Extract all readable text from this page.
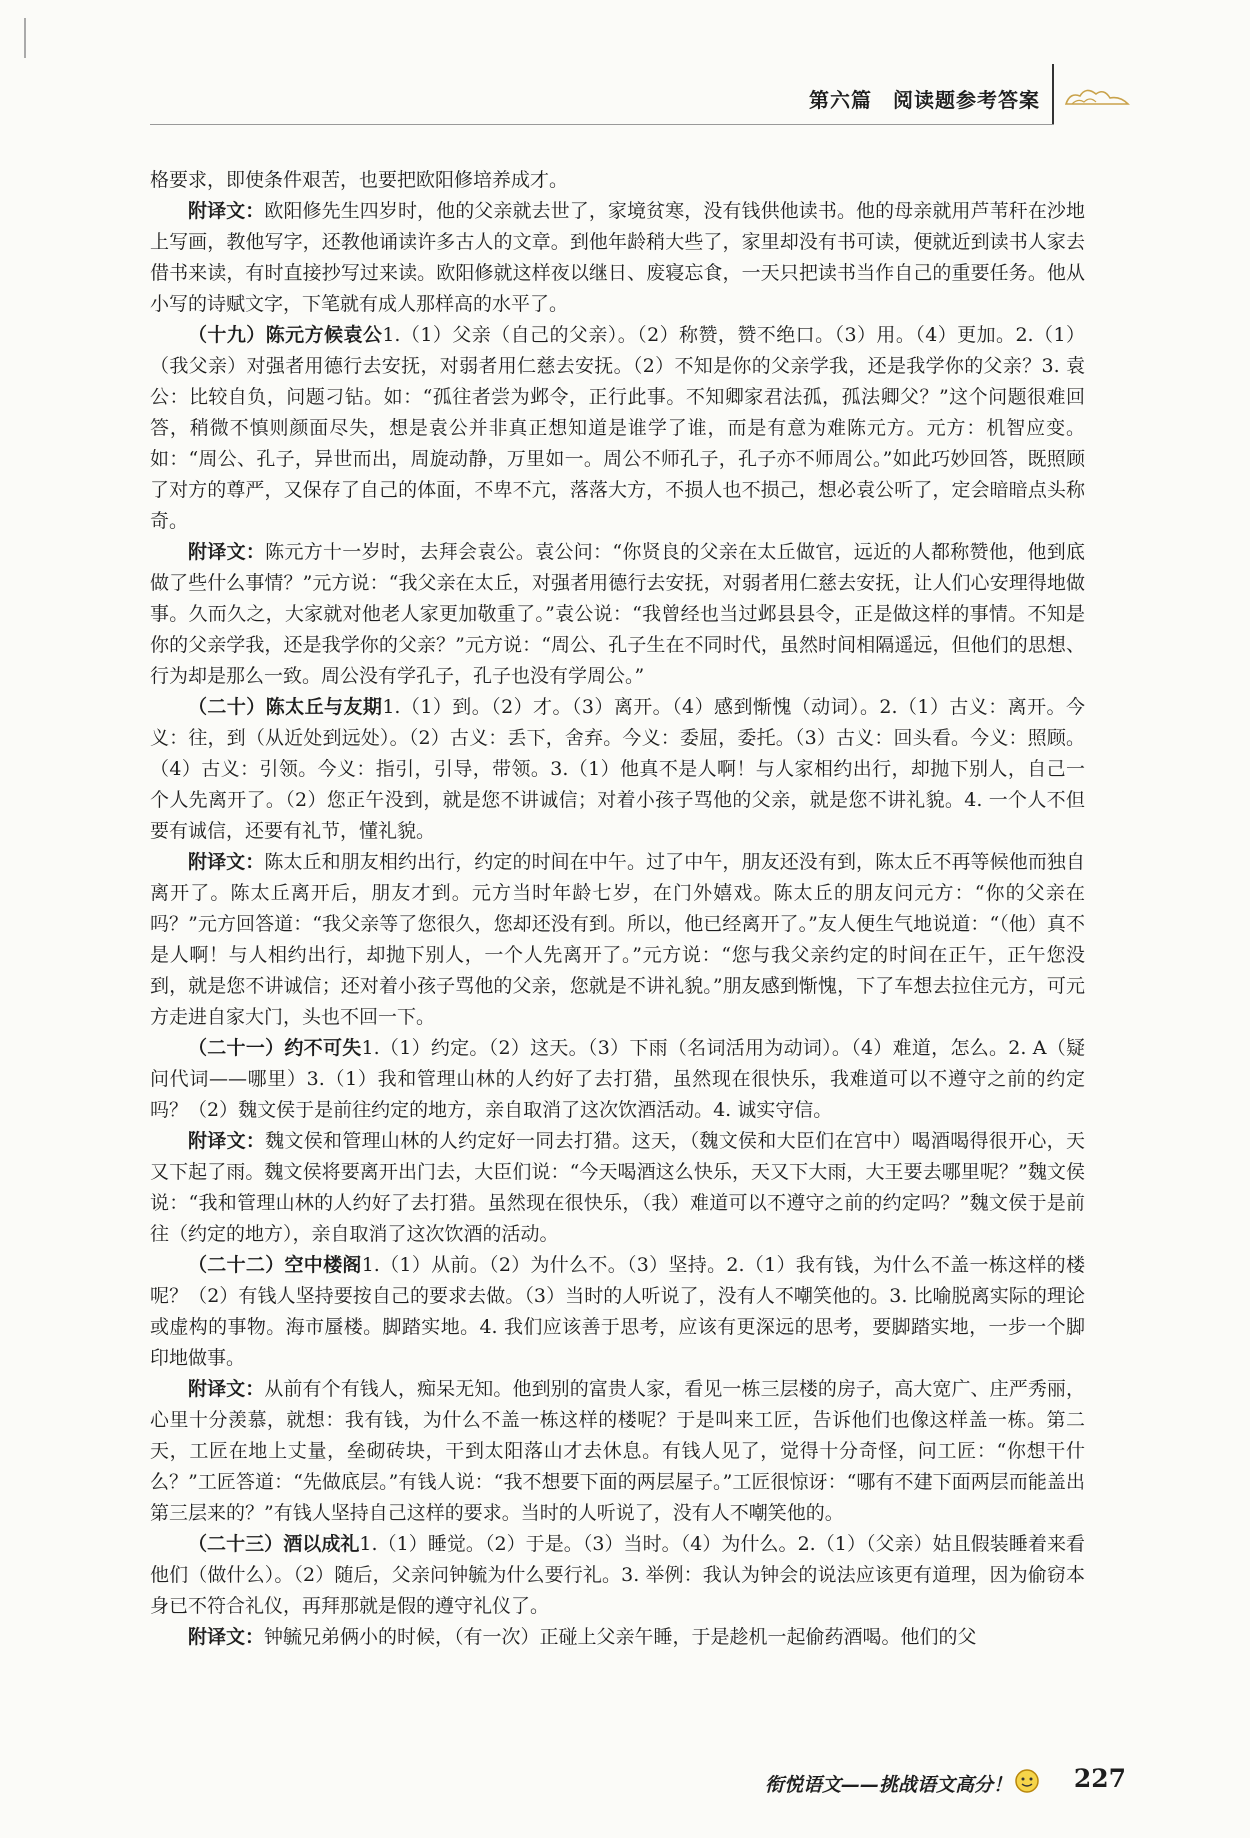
第六篇　阅读题参考答案

格要求，即使条件艰苦，也要把欧阳修培养成才。

附译文：欧阳修先生四岁时，他的父亲就去世了，家境贫寒，没有钱供他读书。他的母亲就用芦苇秆在沙地上写画，教他写字，还教他诵读许多古人的文章。到他年龄稍大些了，家里却没有书可读，便就近到读书人家去借书来读，有时直接抄写过来读。欧阳修就这样夜以继日、废寝忘食，一天只把读书当作自己的重要任务。他从小写的诗赋文字，下笔就有成人那样高的水平了。

（十九）陈元方候袁公1.（1）父亲（自己的父亲）。（2）称赞，赞不绝口。（3）用。（4）更加。2.（1）（我父亲）对强者用德行去安抚，对弱者用仁慈去安抚。（2）不知是你的父亲学我，还是我学你的父亲？3. 袁公：比较自负，问题刁钻。如：“孤往者尝为邺令，正行此事。不知卿家君法孤，孤法卿父？”这个问题很难回答，稍微不慎则颜面尽失，想是袁公并非真正想知道是谁学了谁，而是有意为难陈元方。元方：机智应变。如：“周公、孔子，异世而出，周旋动静，万里如一。周公不师孔子，孔子亦不师周公。”如此巧妙回答，既照顾了对方的尊严，又保存了自己的体面，不卑不亢，落落大方，不损人也不损己，想必袁公听了，定会暗暗点头称奇。

附译文：陈元方十一岁时，去拜会袁公。袁公问：“你贤良的父亲在太丘做官，远近的人都称赞他，他到底做了些什么事情？”元方说：“我父亲在太丘，对强者用德行去安抚，对弱者用仁慈去安抚，让人们心安理得地做事。久而久之，大家就对他老人家更加敬重了。”袁公说：“我曾经也当过邺县县令，正是做这样的事情。不知是你的父亲学我，还是我学你的父亲？”元方说：“周公、孔子生在不同时代，虽然时间相隔遥远，但他们的思想、行为却是那么一致。周公没有学孔子，孔子也没有学周公。”

（二十）陈太丘与友期1.（1）到。（2）才。（3）离开。（4）感到惭愧（动词）。2.（1）古义：离开。今义：往，到（从近处到远处）。（2）古义：丢下，舍弃。今义：委屈，委托。（3）古义：回头看。今义：照顾。（4）古义：引领。今义：指引，引导，带领。3.（1）他真不是人啊！与人家相约出行，却抛下别人，自己一个人先离开了。（2）您正午没到，就是您不讲诚信；对着小孩子骂他的父亲，就是您不讲礼貌。4. 一个人不但要有诚信，还要有礼节，懂礼貌。

附译文：陈太丘和朋友相约出行，约定的时间在中午。过了中午，朋友还没有到，陈太丘不再等候他而独自离开了。陈太丘离开后，朋友才到。元方当时年龄七岁，在门外嬉戏。陈太丘的朋友问元方：“你的父亲在吗？”元方回答道：“我父亲等了您很久，您却还没有到。所以，他已经离开了。”友人便生气地说道：“（他）真不是人啊！与人相约出行，却抛下别人，一个人先离开了。”元方说：“您与我父亲约定的时间在正午，正午您没到，就是您不讲诚信；还对着小孩子骂他的父亲，您就是不讲礼貌。”朋友感到惭愧，下了车想去拉住元方，可元方走进自家大门，头也不回一下。

（二十一）约不可失1.（1）约定。（2）这天。（3）下雨（名词活用为动词）。（4）难道，怎么。2. A（疑问代词——哪里）3.（1）我和管理山林的人约好了去打猎，虽然现在很快乐，我难道可以不遵守之前的约定吗？（2）魏文侯于是前往约定的地方，亲自取消了这次饮酒活动。4. 诚实守信。

附译文：魏文侯和管理山林的人约定好一同去打猎。这天，（魏文侯和大臣们在宫中）喝酒喝得很开心，天又下起了雨。魏文侯将要离开出门去，大臣们说：“今天喝酒这么快乐，天又下大雨，大王要去哪里呢？”魏文侯说：“我和管理山林的人约好了去打猎。虽然现在很快乐，（我）难道可以不遵守之前的约定吗？”魏文侯于是前往（约定的地方），亲自取消了这次饮酒的活动。

（二十二）空中楼阁1.（1）从前。（2）为什么不。（3）坚持。2.（1）我有钱，为什么不盖一栋这样的楼呢？（2）有钱人坚持要按自己的要求去做。（3）当时的人听说了，没有人不嘲笑他的。3. 比喻脱离实际的理论或虚构的事物。海市蜃楼。脚踏实地。4. 我们应该善于思考，应该有更深远的思考，要脚踏实地，一步一个脚印地做事。

附译文：从前有个有钱人，痴呆无知。他到别的富贵人家，看见一栋三层楼的房子，高大宽广、庄严秀丽，心里十分羡慕，就想：我有钱，为什么不盖一栋这样的楼呢？于是叫来工匠，告诉他们也像这样盖一栋。第二天，工匠在地上丈量，垒砌砖块，干到太阳落山才去休息。有钱人见了，觉得十分奇怪，问工匠：“你想干什么？”工匠答道：“先做底层。”有钱人说：“我不想要下面的两层屋子。”工匠很惊讶：“哪有不建下面两层而能盖出第三层来的？”有钱人坚持自己这样的要求。当时的人听说了，没有人不嘲笑他的。

（二十三）酒以成礼1.（1）睡觉。（2）于是。（3）当时。（4）为什么。2.（1）（父亲）姑且假装睡着来看他们（做什么）。（2）随后，父亲问钟毓为什么要行礼。3. 举例：我认为钟会的说法应该更有道理，因为偷窃本身已不符合礼仪，再拜那就是假的遵守礼仪了。

附译文：钟毓兄弟俩小的时候，（有一次）正碰上父亲午睡，于是趁机一起偷药酒喝。他们的父

衔悦语文——挑战语文高分！ 227
